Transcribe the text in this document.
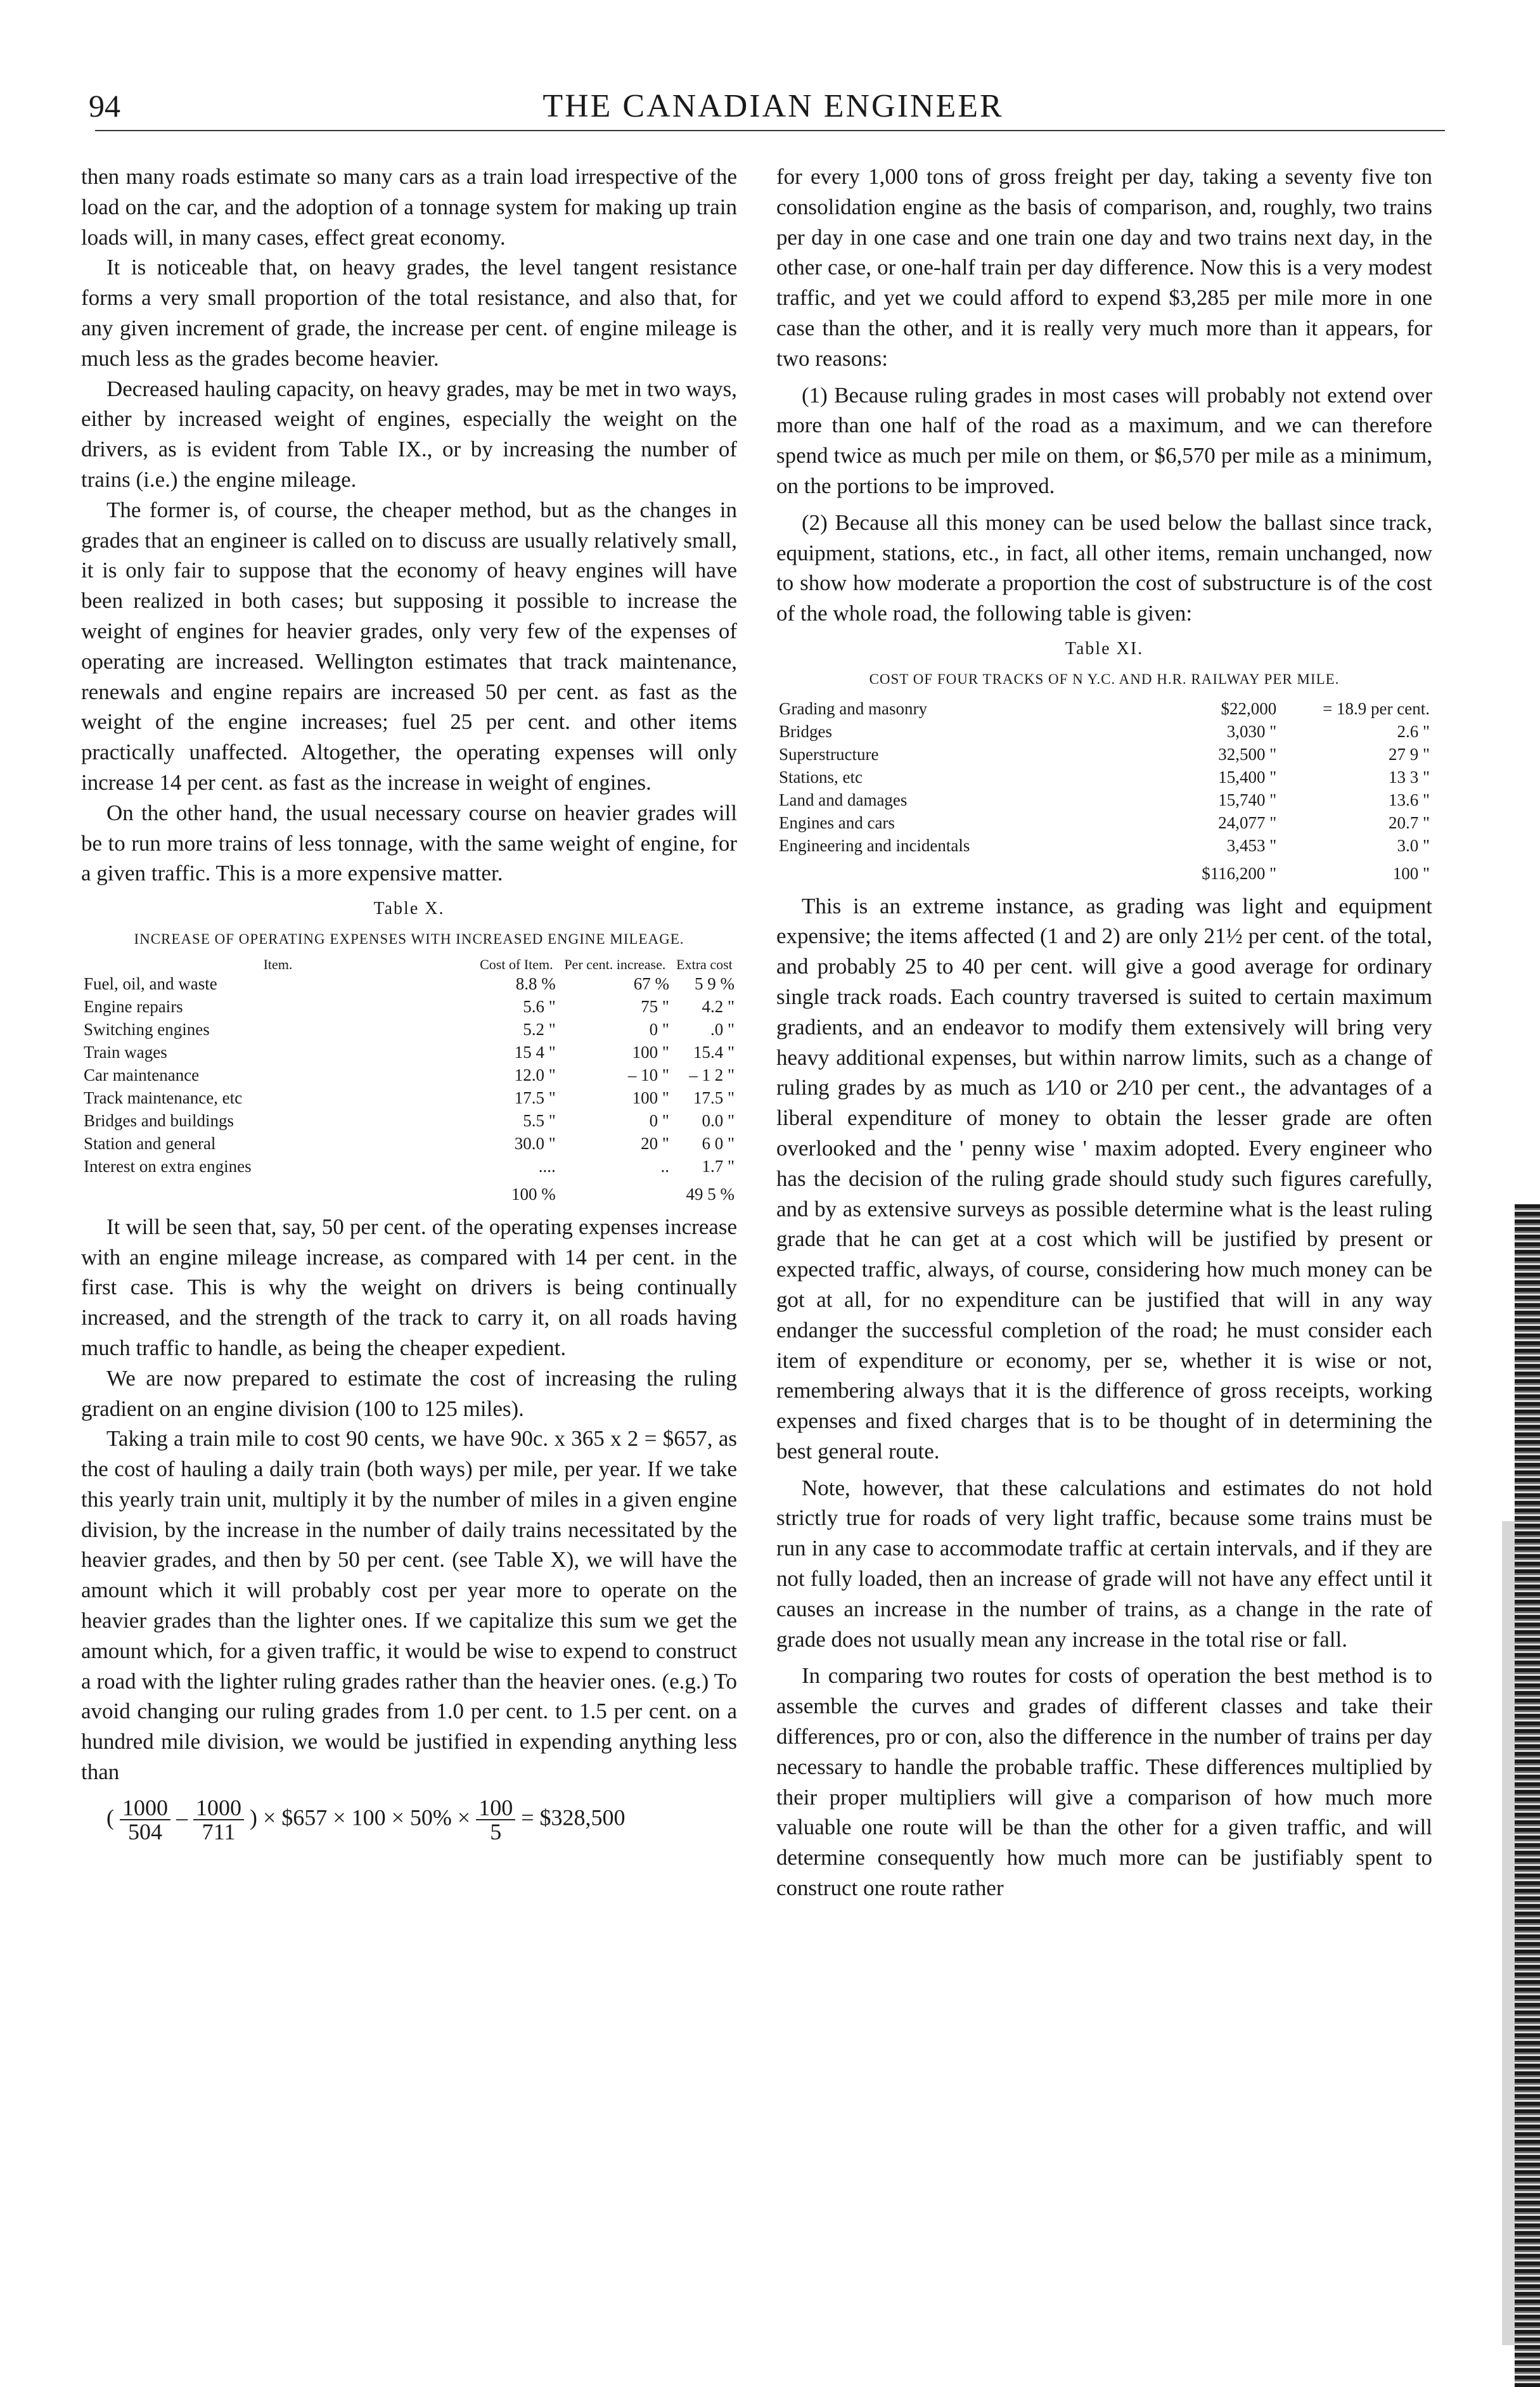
94	THE CANADIAN ENGINEER

then many roads estimate so many cars as a train load irrespective of the load on the car, and the adoption of a tonnage system for making up train loads will, in many cases, effect great economy.

It is noticeable that, on heavy grades, the level tangent resistance forms a very small proportion of the total resistance, and also that, for any given increment of grade, the increase per cent. of engine mileage is much less as the grades become heavier.

Decreased hauling capacity, on heavy grades, may be met in two ways, either by increased weight of engines, especially the weight on the drivers, as is evident from Table IX., or by increasing the number of trains (i.e.) the engine mileage.

The former is, of course, the cheaper method, but as the changes in grades that an engineer is called on to discuss are usually relatively small, it is only fair to suppose that the economy of heavy engines will have been realized in both cases; but supposing it possible to increase the weight of engines for heavier grades, only very few of the expenses of operating are increased. Wellington estimates that track maintenance, renewals and engine repairs are increased 50 per cent. as fast as the weight of the engine increases; fuel 25 per cent. and other items practically unaffected. Altogether, the operating expenses will only increase 14 per cent. as fast as the increase in weight of engines.

On the other hand, the usual necessary course on heavier grades will be to run more trains of less tonnage, with the same weight of engine, for a given traffic. This is a more expensive matter.

Table X.
INCREASE OF OPERATING EXPENSES WITH INCREASED ENGINE MILEAGE.
Item.	Cost of Item.	Per cent. increase.	Extra cost
Fuel, oil, and waste	8.8 %	67 %	5 9 %
Engine repairs	5.6 "	75 "	4.2 "
Switching engines	5.2 "	0 "	.0 "
Train wages	15 4 "	100 "	15.4 "
Car maintenance	12.0 "	– 10 "	– 1 2 "
Track maintenance, etc	17.5 "	100 "	17.5 "
Bridges and buildings	5.5 "	0 "	0.0 "
Station and general	30.0 "	20 "	6 0 "
Interest on extra engines	....	..	1.7 "
	100 %		49 5 %

It will be seen that, say, 50 per cent. of the operating expenses increase with an engine mileage increase, as compared with 14 per cent. in the first case. This is why the weight on drivers is being continually increased, and the strength of the track to carry it, on all roads having much traffic to handle, as being the cheaper expedient.

We are now prepared to estimate the cost of increasing the ruling gradient on an engine division (100 to 125 miles).

Taking a train mile to cost 90 cents, we have 90c. x 365 x 2 = $657, as the cost of hauling a daily train (both ways) per mile, per year. If we take this yearly train unit, multiply it by the number of miles in a given engine division, by the increase in the number of daily trains necessitated by the heavier grades, and then by 50 per cent. (see Table X), we will have the amount which it will probably cost per year more to operate on the heavier grades than the lighter ones. If we capitalize this sum we get the amount which, for a given traffic, it would be wise to expend to construct a road with the lighter ruling grades rather than the heavier ones. (e.g.) To avoid changing our ruling grades from 1.0 per cent. to 1.5 per cent. on a hundred mile division, we would be justified in expending anything less than

( $\frac{1000}{504} - \frac{1000}{711}$ ) × $657 × $100 \times 50\% \times \frac{100}{5}$ = $328,500

for every 1,000 tons of gross freight per day, taking a seventy five ton consolidation engine as the basis of comparison, and, roughly, two trains per day in one case and one train one day and two trains next day, in the other case, or one-half train per day difference. Now this is a very modest traffic, and yet we could afford to expend $3,285 per mile more in one case than the other, and it is really very much more than it appears, for two reasons:

(1) Because ruling grades in most cases will probably not extend over more than one half of the road as a maximum, and we can therefore spend twice as much per mile on them, or $6,570 per mile as a minimum, on the portions to be improved.

(2) Because all this money can be used below the ballast since track, equipment, stations, etc., in fact, all other items, remain unchanged, now to show how moderate a proportion the cost of substructure is of the cost of the whole road, the following table is given:

Table XI.
COST OF FOUR TRACKS OF N Y.C. AND H.R. RAILWAY PER MILE.
Grading and masonry	$22,000	= 18.9 per cent.
Bridges	3,030 "	2.6 "
Superstructure	32,500 "	27 9 "
Stations, etc	15,400 "	13 3 "
Land and damages	15,740 "	13.6 "
Engines and cars	24,077 "	20.7 "
Engineering and incidentals	3,453 "	3.0 "
	$116,200 "	100 "

This is an extreme instance, as grading was light and equipment expensive; the items affected (1 and 2) are only 21½ per cent. of the total, and probably 25 to 40 per cent. will give a good average for ordinary single track roads. Each country traversed is suited to certain maximum gradients, and an endeavor to modify them extensively will bring very heavy additional expenses, but within narrow limits, such as a change of ruling grades by as much as 1⁄10 or 2⁄10 per cent., the advantages of a liberal expenditure of money to obtain the lesser grade are often overlooked and the ' penny wise ' maxim adopted. Every engineer who has the decision of the ruling grade should study such figures carefully, and by as extensive surveys as possible determine what is the least ruling grade that he can get at a cost which will be justified by present or expected traffic, always, of course, considering how much money can be got at all, for no expenditure can be justified that will in any way endanger the successful completion of the road; he must consider each item of expenditure or economy, per se, whether it is wise or not, remembering always that it is the difference of gross receipts, working expenses and fixed charges that is to be thought of in determining the best general route.

Note, however, that these calculations and estimates do not hold strictly true for roads of very light traffic, because some trains must be run in any case to accommodate traffic at certain intervals, and if they are not fully loaded, then an increase of grade will not have any effect until it causes an increase in the number of trains, as a change in the rate of grade does not usually mean any increase in the total rise or fall.

In comparing two routes for costs of operation the best method is to assemble the curves and grades of different classes and take their differences, pro or con, also the difference in the number of trains per day necessary to handle the probable traffic. These differences multiplied by their proper multipliers will give a comparison of how much more valuable one route will be than the other for a given traffic, and will determine consequently how much more can be justifiably spent to construct one route rather
